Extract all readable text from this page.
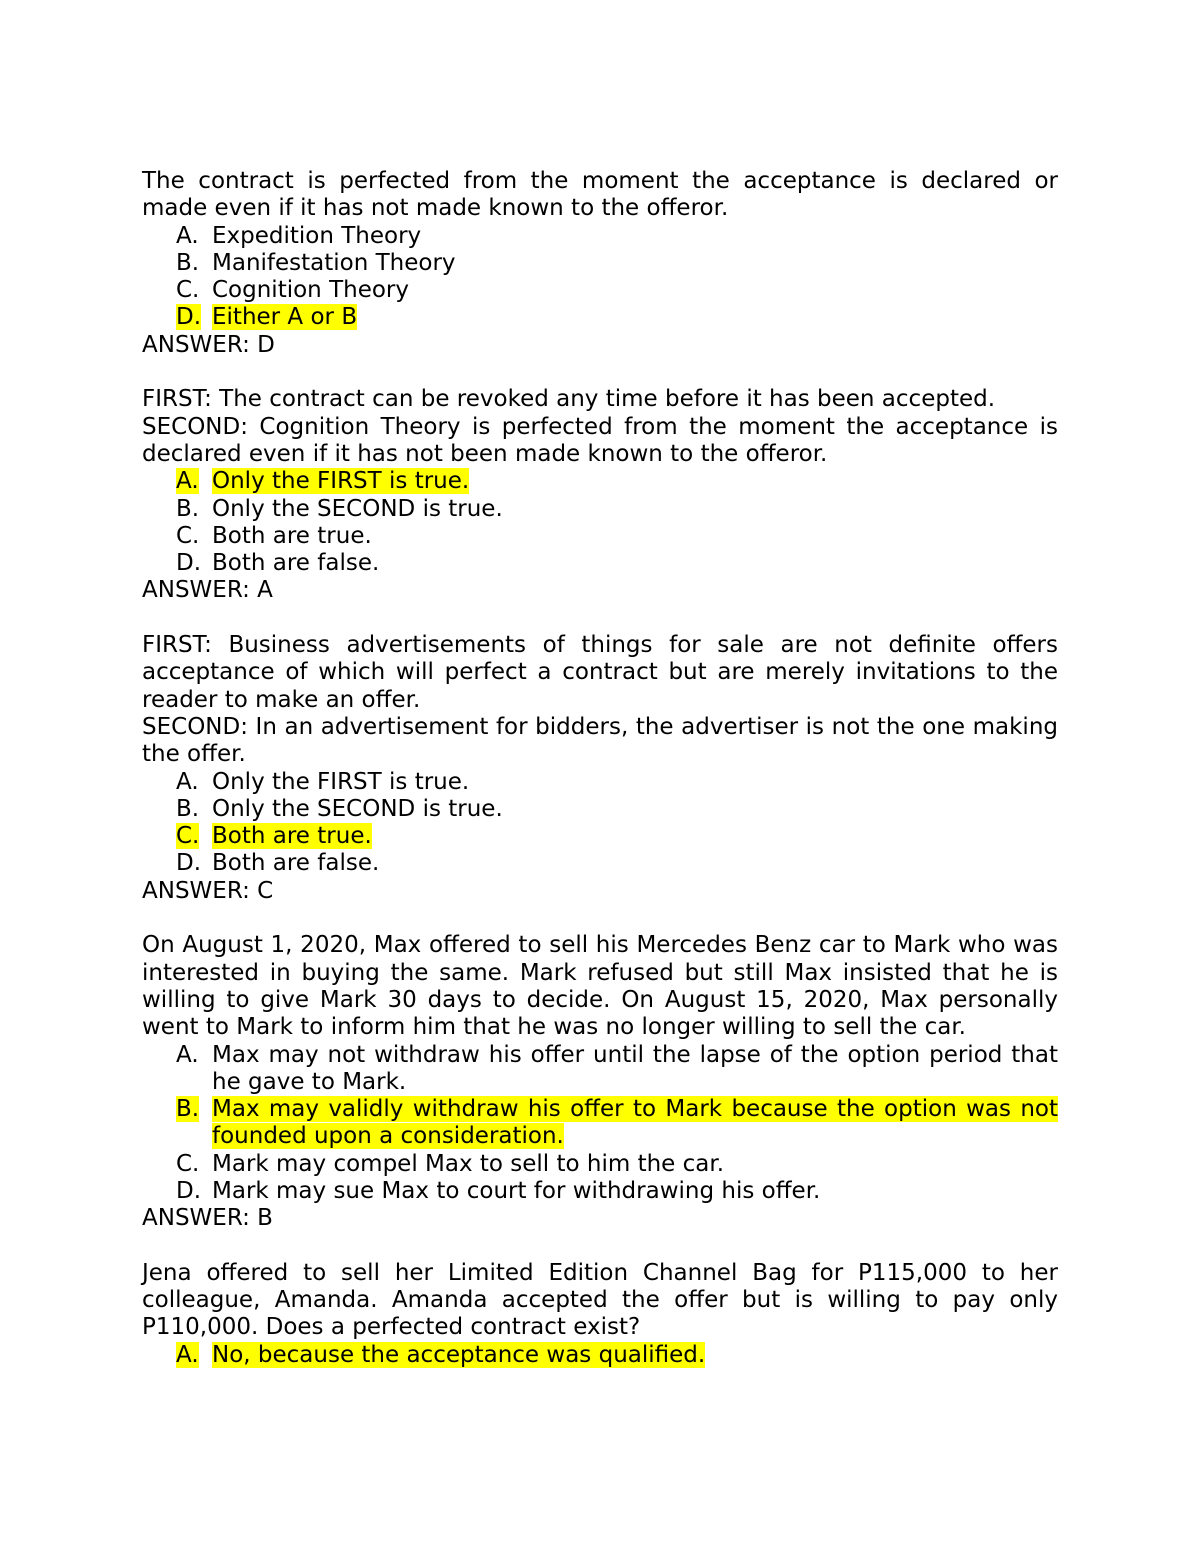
The contract is perfected from the moment the acceptance is declared or made even if it has not made known to the offeror.
A. Expedition Theory
B. Manifestation Theory
C. Cognition Theory
D. Either A or B
ANSWER: D
FIRST: The contract can be revoked any time before it has been accepted.
SECOND: Cognition Theory is perfected from the moment the acceptance is declared even if it has not been made known to the offeror.
A. Only the FIRST is true.
B. Only the SECOND is true.
C. Both are true.
D. Both are false.
ANSWER: A
FIRST: Business advertisements of things for sale are not definite offers acceptance of which will perfect a contract but are merely invitations to the reader to make an offer.
SECOND: In an advertisement for bidders, the advertiser is not the one making the offer.
A. Only the FIRST is true.
B. Only the SECOND is true.
C. Both are true.
D. Both are false.
ANSWER: C
On August 1, 2020, Max offered to sell his Mercedes Benz car to Mark who was interested in buying the same. Mark refused but still Max insisted that he is willing to give Mark 30 days to decide. On August 15, 2020, Max personally went to Mark to inform him that he was no longer willing to sell the car.
A. Max may not withdraw his offer until the lapse of the option period that he gave to Mark.
B. Max may validly withdraw his offer to Mark because the option was not founded upon a consideration.
C. Mark may compel Max to sell to him the car.
D. Mark may sue Max to court for withdrawing his offer.
ANSWER: B
Jena offered to sell her Limited Edition Channel Bag for P115,000 to her colleague, Amanda. Amanda accepted the offer but is willing to pay only P110,000. Does a perfected contract exist?
A. No, because the acceptance was qualified.
